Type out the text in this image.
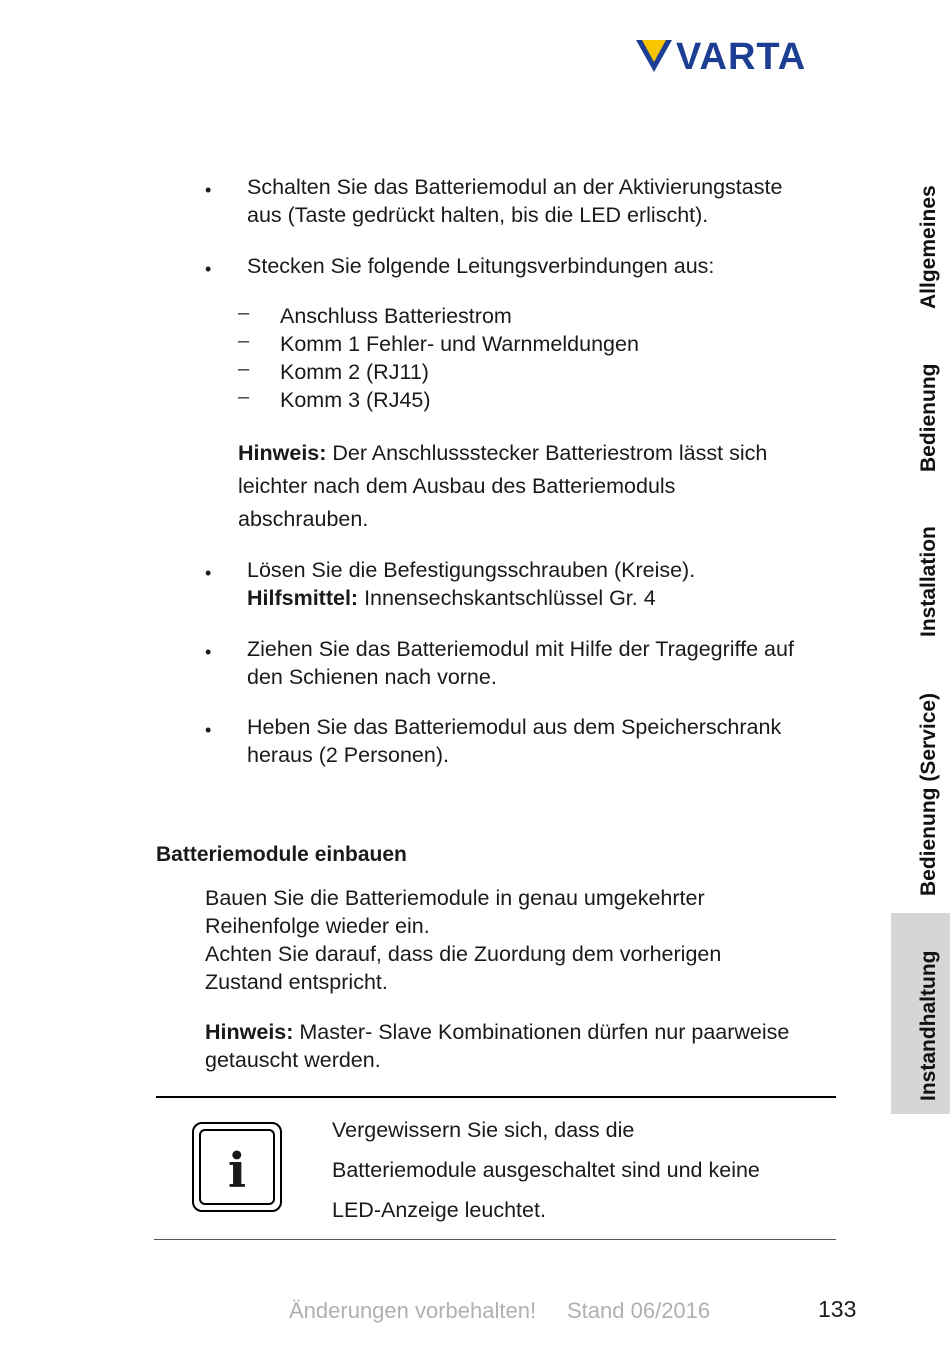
VARTA
• Schalten Sie das Batteriemodul an der Aktivierungstaste
aus (Taste gedrückt halten, bis die LED erlischt).
• Stecken Sie folgende Leitungsverbindungen aus:
– Anschluss Batteriestrom
– Komm 1 Fehler- und Warnmeldungen
– Komm 2 (RJ11)
– Komm 3 (RJ45)
Hinweis: Der Anschlussstecker Batteriestrom lässt sich
leichter nach dem Ausbau des Batteriemoduls
abschrauben.
• Lösen Sie die Befestigungsschrauben (Kreise).
Hilfsmittel: Innensechskantschlüssel Gr. 4
• Ziehen Sie das Batteriemodul mit Hilfe der Tragegriffe auf
den Schienen nach vorne.
• Heben Sie das Batteriemodul aus dem Speicherschrank
heraus (2 Personen).
Batteriemodule einbauen
Bauen Sie die Batteriemodule in genau umgekehrter
Reihenfolge wieder ein.
Achten Sie darauf, dass die Zuordung dem vorherigen
Zustand entspricht.
Hinweis: Master- Slave Kombinationen dürfen nur paarweise
getauscht werden.
i
Vergewissern Sie sich, dass die
Batteriemodule ausgeschaltet sind und keine
LED-Anzeige leuchtet.
Änderungen vorbehalten! Stand 06/2016	133
Allgemeines
Bedienung
Installation
Bedienung (Service)
Instandhaltung
